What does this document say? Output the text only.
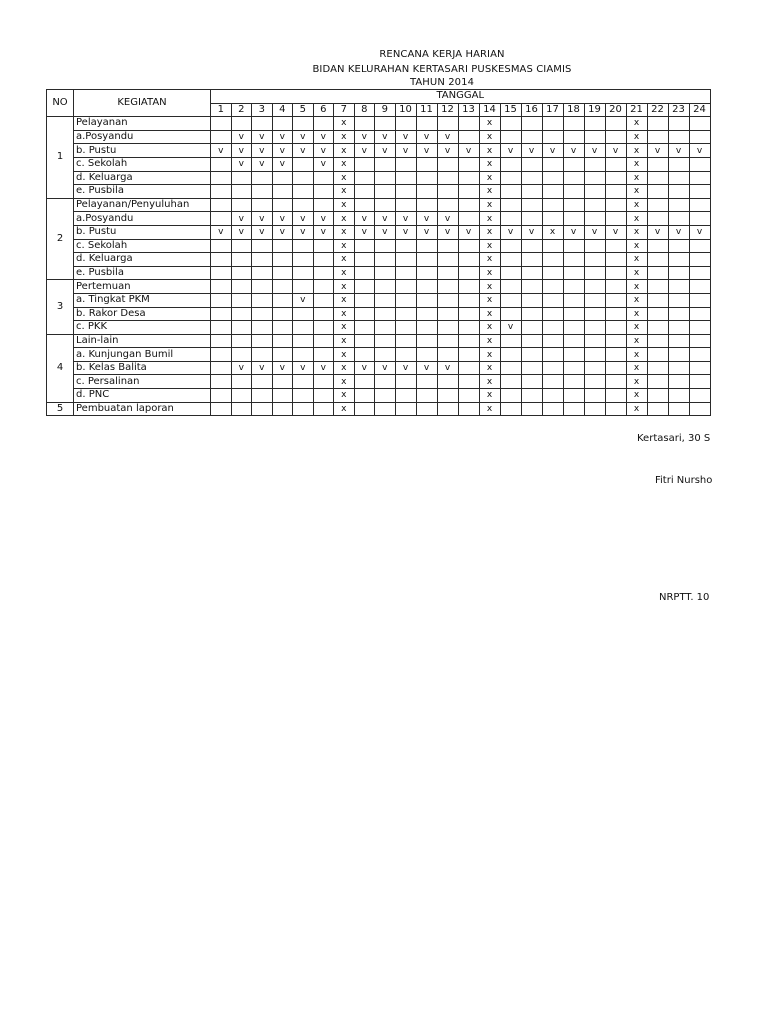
RENCANA KERJA HARIAN
BIDAN KELURAHAN KERTASARI PUSKESMAS CIAMIS
TAHUN 2014
NO	KEGIATAN	TANGGAL																							
		1	2	3	4	5	6	7	8	9	10	11	12	13	14	15	16	17	18	19	20	21	22	23	24
1	Pelayanan							x							x							x			
	a.Posyandu		v	v	v	v	v	x	v	v	v	v	v		x							x			
	b. Pustu	v	v	v	v	v	v	x	v	v	v	v	v	v	x	v	v	v	v	v	v	x	v	v	v
	c. Sekolah		v	v	v		v	x							x							x			
	d. Keluarga							x							x							x			
	e. Pusbila							x							x							x			
2	Pelayanan/Penyuluhan							x							x							x			
	a.Posyandu		v	v	v	v	v	x	v	v	v	v	v		x							x			
	b. Pustu	v	v	v	v	v	v	x	v	v	v	v	v	v	x	v	v	x	v	v	v	x	v	v	v
	c. Sekolah							x							x							x			
	d. Keluarga							x							x							x			
	e. Pusbila							x							x							x			
3	Pertemuan							x							x							x			
	a. Tingkat PKM					v		x							x							x			
	b. Rakor Desa							x							x							x			
	c. PKK							x							x	v						x			
4	Lain-lain							x							x							x			
	a. Kunjungan Bumil							x							x							x			
	b. Kelas Balita		v	v	v	v	v	x	v	v	v	v	v		x							x			
	c. Persalinan							x							x							x			
	d. PNC							x							x							x			
5	Pembuatan laporan							x							x							x			
Kertasari, 30 S
Fitri Nursho
NRPTT. 10
